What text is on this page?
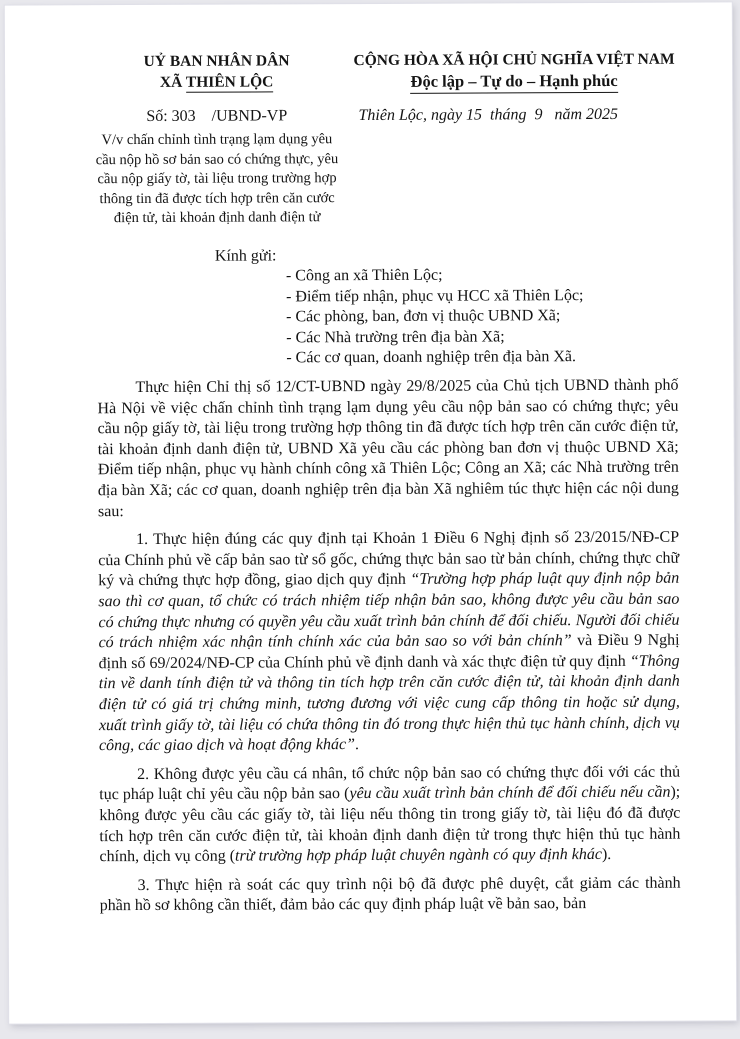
UỶ BAN NHÂN DÂN
XÃ THIÊN LỘC
Số: 303    /UBND-VP
V/v chấn chỉnh tình trạng lạm dụng yêu cầu nộp hồ sơ bản sao có chứng thực, yêu cầu nộp giấy tờ, tài liệu trong trường hợp thông tin đã được tích hợp trên căn cước điện tử, tài khoản định danh điện tử
CỘNG HÒA XÃ HỘI CHỦ NGHĨA VIỆT NAM
Độc lập – Tự do – Hạnh phúc
Thiên Lộc, ngày 15  tháng  9   năm 2025
Kính gửi:
- Công an xã Thiên Lộc;
- Điểm tiếp nhận, phục vụ HCC xã Thiên Lộc;
- Các phòng, ban, đơn vị thuộc UBND Xã;
- Các Nhà trường trên địa bàn Xã;
- Các cơ quan, doanh nghiệp trên địa bàn Xã.

Thực hiện Chỉ thị số 12/CT-UBND ngày 29/8/2025 của Chủ tịch UBND thành phố Hà Nội về việc chấn chỉnh tình trạng lạm dụng yêu cầu nộp bản sao có chứng thực; yêu cầu nộp giấy tờ, tài liệu trong trường hợp thông tin đã được tích hợp trên căn cước điện tử, tài khoản định danh điện tử, UBND Xã yêu cầu các phòng ban đơn vị thuộc UBND Xã; Điểm tiếp nhận, phục vụ hành chính công xã Thiên Lộc; Công an Xã; các Nhà trường trên địa bàn Xã; các cơ quan, doanh nghiệp trên địa bàn Xã nghiêm túc thực hiện các nội dung sau:

1. Thực hiện đúng các quy định tại Khoản 1 Điều 6 Nghị định số 23/2015/NĐ-CP của Chính phủ về cấp bản sao từ sổ gốc, chứng thực bản sao từ bản chính, chứng thực chữ ký và chứng thực hợp đồng, giao dịch quy định “Trường hợp pháp luật quy định nộp bản sao thì cơ quan, tổ chức có trách nhiệm tiếp nhận bản sao, không được yêu cầu bản sao có chứng thực nhưng có quyền yêu cầu xuất trình bản chính để đối chiếu. Người đối chiếu có trách nhiệm xác nhận tính chính xác của bản sao so với bản chính” và Điều 9 Nghị định số 69/2024/NĐ-CP của Chính phủ về định danh và xác thực điện tử quy định “Thông tin về danh tính điện tử và thông tin tích hợp trên căn cước điện tử, tài khoản định danh điện tử có giá trị chứng minh, tương đương với việc cung cấp thông tin hoặc sử dụng, xuất trình giấy tờ, tài liệu có chứa thông tin đó trong thực hiện thủ tục hành chính, dịch vụ công, các giao dịch và hoạt động khác”.

2. Không được yêu cầu cá nhân, tổ chức nộp bản sao có chứng thực đối với các thủ tục pháp luật chỉ yêu cầu nộp bản sao (yêu cầu xuất trình bản chính để đối chiếu nếu cần); không được yêu cầu các giấy tờ, tài liệu nếu thông tin trong giấy tờ, tài liệu đó đã được tích hợp trên căn cước điện tử, tài khoản định danh điện tử trong thực hiện thủ tục hành chính, dịch vụ công (trừ trường hợp pháp luật chuyên ngành có quy định khác).

3. Thực hiện rà soát các quy trình nội bộ đã được phê duyệt, cắt giảm các thành phần hồ sơ không cần thiết, đảm bảo các quy định pháp luật về bản sao, bản
